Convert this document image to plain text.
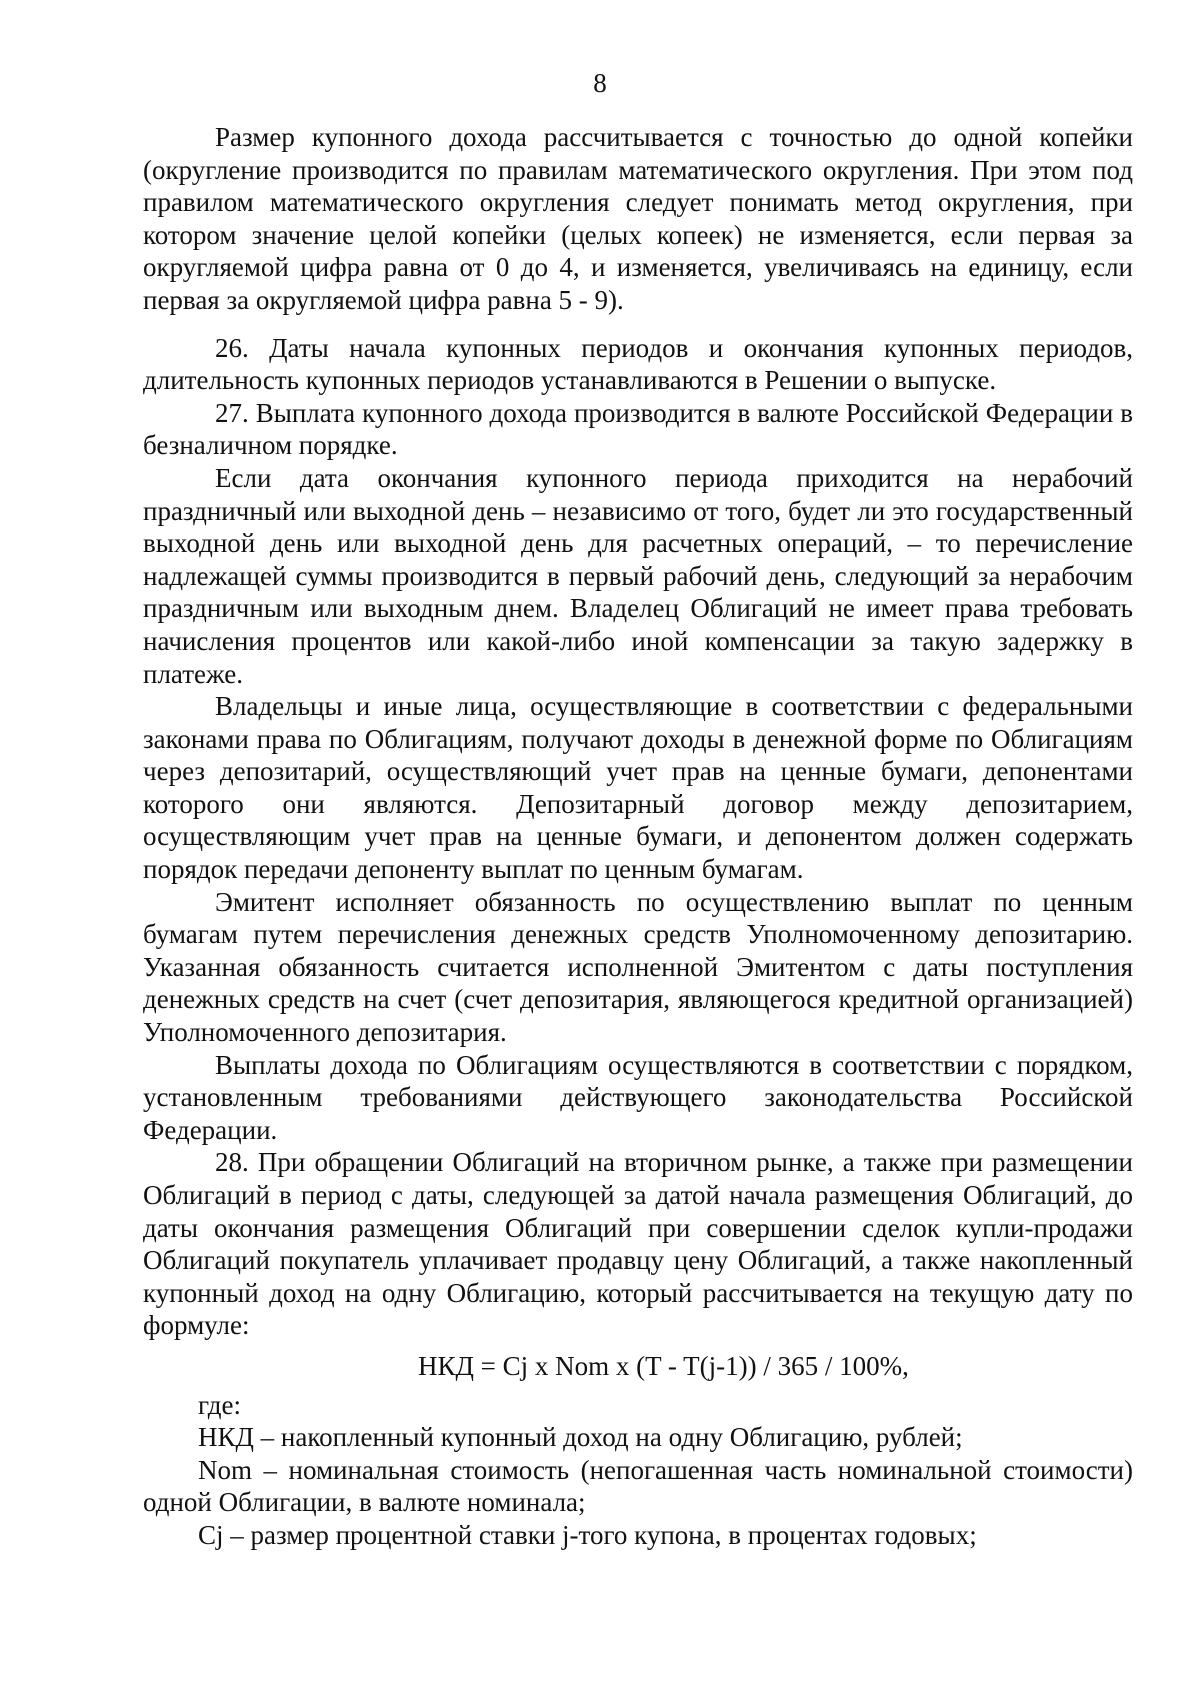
8

Размер купонного дохода рассчитывается с точностью до одной копейки (округление производится по правилам математического округления. При этом под правилом математического округления следует понимать метод округления, при котором значение целой копейки (целых копеек) не изменяется, если первая за округляемой цифра равна от 0 до 4, и изменяется, увеличиваясь на единицу, если первая за округляемой цифра равна 5 - 9).

26. Даты начала купонных периодов и окончания купонных периодов, длительность купонных периодов устанавливаются в Решении о выпуске.

27. Выплата купонного дохода производится в валюте Российской Федерации в безналичном порядке.

Если дата окончания купонного периода приходится на нерабочий праздничный или выходной день – независимо от того, будет ли это государственный выходной день или выходной день для расчетных операций, – то перечисление надлежащей суммы производится в первый рабочий день, следующий за нерабочим праздничным или выходным днем. Владелец Облигаций не имеет права требовать начисления процентов или какой-либо иной компенсации за такую задержку в платеже.

Владельцы и иные лица, осуществляющие в соответствии с федеральными законами права по Облигациям, получают доходы в денежной форме по Облигациям через депозитарий, осуществляющий учет прав на ценные бумаги, депонентами которого они являются. Депозитарный договор между депозитарием, осуществляющим учет прав на ценные бумаги, и депонентом должен содержать порядок передачи депоненту выплат по ценным бумагам.

Эмитент исполняет обязанность по осуществлению выплат по ценным бумагам путем перечисления денежных средств Уполномоченному депозитарию. Указанная обязанность считается исполненной Эмитентом с даты поступления денежных средств на счет (счет депозитария, являющегося кредитной организацией) Уполномоченного депозитария.

Выплаты дохода по Облигациям осуществляются в соответствии с порядком, установленным требованиями действующего законодательства Российской Федерации.

28. При обращении Облигаций на вторичном рынке, а также при размещении Облигаций в период с даты, следующей за датой начала размещения Облигаций, до даты окончания размещения Облигаций при совершении сделок купли-продажи Облигаций покупатель уплачивает продавцу цену Облигаций, а также накопленный купонный доход на одну Облигацию, который рассчитывается на текущую дату по формуле:

НКД = Cj x Nom x (T - T(j-1)) / 365 / 100%,

где:

НКД – накопленный купонный доход на одну Облигацию, рублей;

Nom – номинальная стоимость (непогашенная часть номинальной стоимости) одной Облигации, в валюте номинала;

Cj – размер процентной ставки j-того купона, в процентах годовых;
